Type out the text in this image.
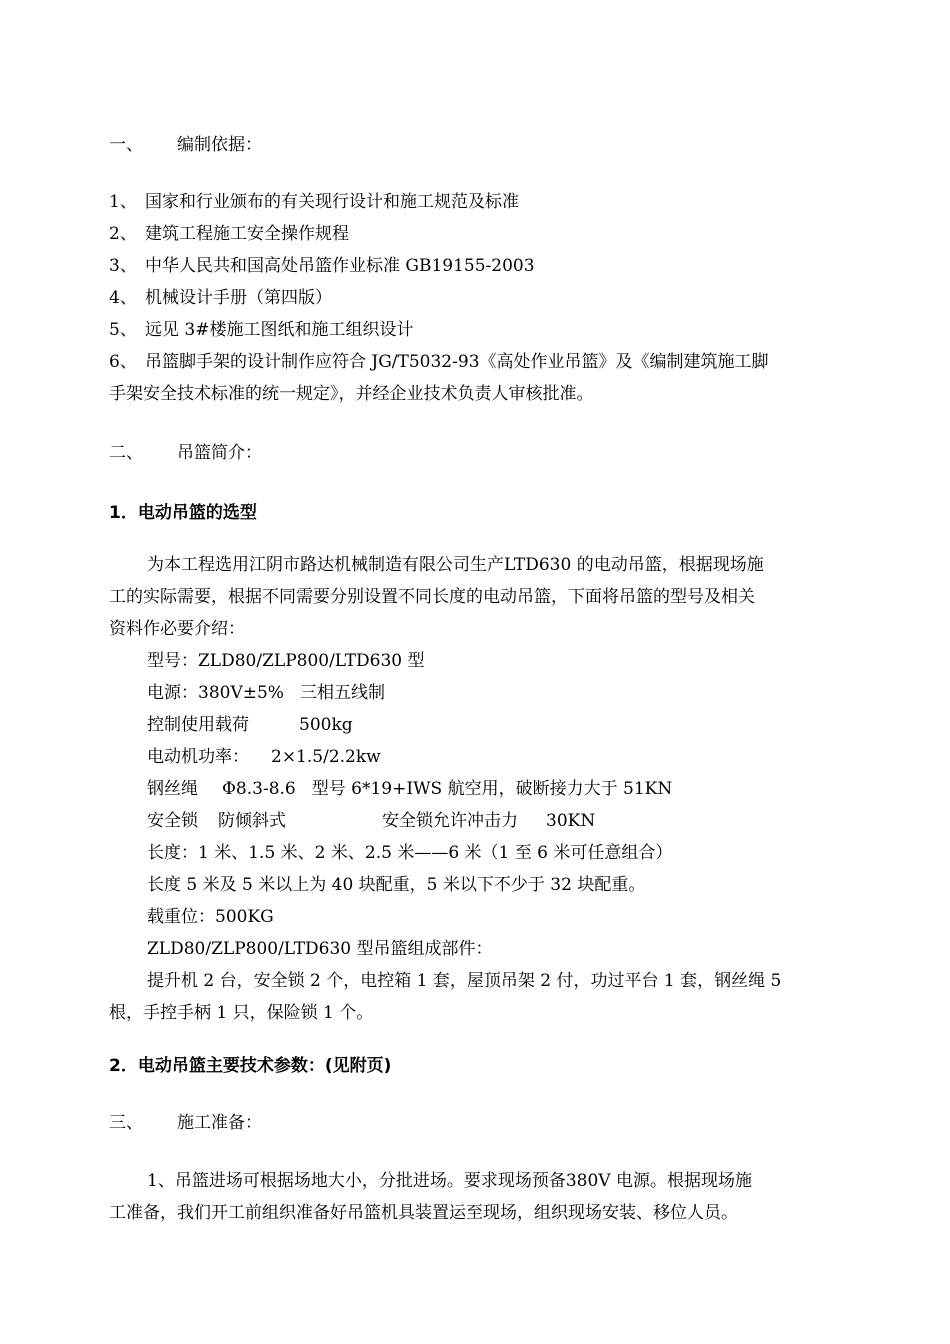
一、 编制依据：
1、 国家和行业颁布的有关现行设计和施工规范及标准
2、 建筑工程施工安全操作规程
3、 中华人民共和国高处吊篮作业标准 GB19155-2003
4、 机械设计手册（第四版）
5、 远见 3#楼施工图纸和施工组织设计
6、 吊篮脚手架的设计制作应符合 JG/T5032-93《高处作业吊篮》及《编制建筑施工脚
手架安全技术标准的统一规定》，并经企业技术负责人审核批准。
二、 吊篮简介：
1．电动吊篮的选型
为本工程选用江阴市路达机械制造有限公司生产LTD630 的电动吊篮，根据现场施
工的实际需要，根据不同需要分别设置不同长度的电动吊篮，下面将吊篮的型号及相关
资料作必要介绍：
型号：ZLD80/ZLP800/LTD630 型
电源：380V±5% 三相五线制
控制使用载荷	500kg
电动机功率： 2×1.5/2.2kw
钢丝绳 Φ8.3-8.6 型号 6*19+IWS 航空用，破断接力大于 51KN
安全锁 防倾斜式	安全锁允许冲击力 30KN
长度：1 米、1.5 米、2 米、2.5 米——6 米（1 至 6 米可任意组合）
长度 5 米及 5 米以上为 40 块配重，5 米以下不少于 32 块配重。
载重位：500KG
ZLD80/ZLP800/LTD630 型吊篮组成部件：
提升机 2 台，安全锁 2 个，电控箱 1 套，屋顶吊架 2 付，功过平台 1 套，钢丝绳 5
根，手控手柄 1 只，保险锁 1 个。
2．电动吊篮主要技术参数：(见附页)
三、 施工准备：
1、吊篮进场可根据场地大小，分批进场。要求现场预备380V 电源。根据现场施
工准备，我们开工前组织准备好吊篮机具装置运至现场，组织现场安装、移位人员。
